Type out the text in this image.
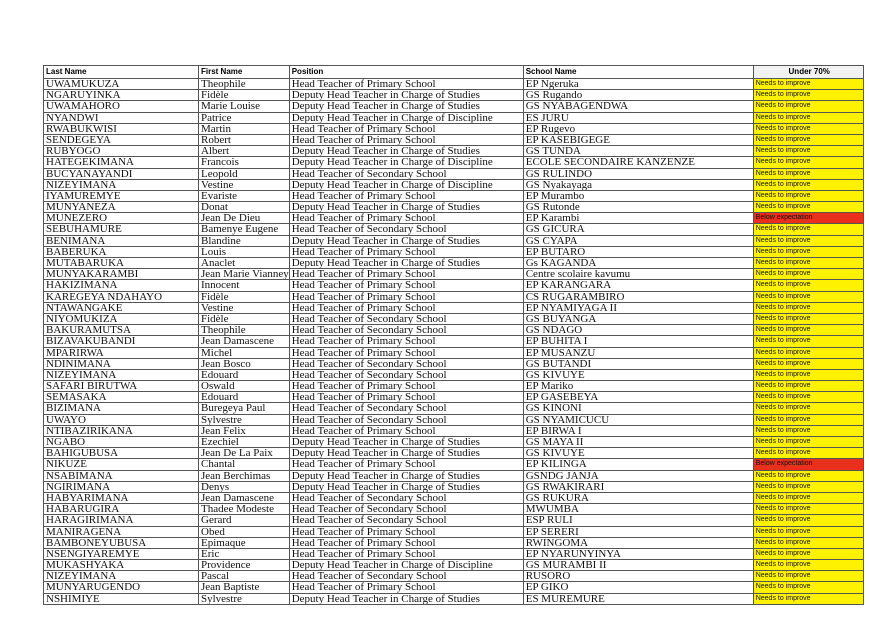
Last Name	First Name	Position	School Name	Under 70%
UWAMUKUZA	Theophile	Head Teacher of Primary School	EP Ngeruka	Needs to improve
NGARUYINKA	Fidèle	Deputy Head Teacher in Charge of Studies	GS Rugando	Needs to improve
UWAMAHORO	Marie Louise	Deputy Head Teacher in Charge of Studies	GS NYABAGENDWA	Needs to improve
NYANDWI	Patrice	Deputy Head Teacher in Charge of Discipline	ES JURU	Needs to improve
RWABUKWISI	Martin	Head Teacher of Primary School	EP Rugevo	Needs to improve
SENDEGEYA	Robert	Head Teacher of Primary School	EP KASEBIGEGE	Needs to improve
RUBYOGO	Albert	Deputy Head Teacher in Charge of Studies	GS TUNDA	Needs to improve
HATEGEKIMANA	Francois	Deputy Head Teacher in Charge of Discipline	ECOLE SECONDAIRE KANZENZE	Needs to improve
BUCYANAYANDI	Leopold	Head Teacher of Secondary School	GS RULINDO	Needs to improve
NIZEYIMANA	Vestine	Deputy Head Teacher in Charge of Discipline	GS Nyakayaga	Needs to improve
IYAMUREMYE	Evariste	Head Teacher of Primary School	EP Murambo	Needs to improve
MUNYANEZA	Donat	Deputy Head Teacher in Charge of Studies	GS Rutonde	Needs to improve
MUNEZERO	Jean De Dieu	Head Teacher of Primary School	EP Karambi	Below expectation
SEBUHAMURE	Bamenye Eugene	Head Teacher of Secondary School	GS GICURA	Needs to improve
BENIMANA	Blandine	Deputy Head Teacher in Charge of Studies	GS CYAPA	Needs to improve
BABERUKA	Louis	Head Teacher of Primary School	EP BUTARO	Needs to improve
MUTABARUKA	Anaclet	Deputy Head Teacher in Charge of Studies	Gs KAGANDA	Needs to improve
MUNYAKARAMBI	Jean Marie Vianney	Head Teacher of Primary School	Centre scolaire kavumu	Needs to improve
HAKIZIMANA	Innocent	Head Teacher of Primary School	EP KARANGARA	Needs to improve
KAREGEYA NDAHAYO	Fidèle	Head Teacher of Primary School	CS RUGARAMBIRO	Needs to improve
NTAWANGAKE	Vestine	Head Teacher of Primary School	EP NYAMIYAGA II	Needs to improve
NIYOMUKIZA	Fidèle	Head Teacher of Secondary School	GS BUYANGA	Needs to improve
BAKURAMUTSA	Theophile	Head Teacher of Secondary School	GS NDAGO	Needs to improve
BIZAVAKUBANDI	Jean Damascene	Head Teacher of Primary School	EP BUHITA I	Needs to improve
MPARIRWA	Michel	Head Teacher of Primary School	EP MUSANZU	Needs to improve
NDINIMANA	Jean Bosco	Head Teacher of Secondary School	GS BUTANDI	Needs to improve
NIZEYIMANA	Edouard	Head Teacher of Secondary School	GS KIVUYE	Needs to improve
SAFARI BIRUTWA	Oswald	Head Teacher of Primary School	EP Mariko	Needs to improve
SEMASAKA	Edouard	Head Teacher of Primary School	EP GASEBEYA	Needs to improve
BIZIMANA	Buregeya Paul	Head Teacher of Secondary School	GS KINONI	Needs to improve
UWAYO	Sylvestre	Head Teacher of Secondary School	GS NYAMICUCU	Needs to improve
NTIBAZIRIKANA	Jean Felix	Head Teacher of Primary School	EP BIRWA I	Needs to improve
NGABO	Ezechiel	Deputy Head Teacher in Charge of Studies	GS MAYA II	Needs to improve
BAHIGUBUSA	Jean De La Paix	Deputy Head Teacher in Charge of Studies	GS KIVUYE	Needs to improve
NIKUZE	Chantal	Head Teacher of Primary School	EP KILINGA	Below expectation
NSABIMANA	Jean Berchimas	Deputy Head Teacher in Charge of Studies	GSNDG JANJA	Needs to improve
NGIRIMANA	Denys	Deputy Head Teacher in Charge of Studies	GS RWAKIRARI	Needs to improve
HABYARIMANA	Jean Damascene	Head Teacher of Secondary School	GS RUKURA	Needs to improve
HABARUGIRA	Thadee Modeste	Head Teacher of Secondary School	MWUMBA	Needs to improve
HARAGIRIMANA	Gerard	Head Teacher of Secondary School	ESP RULI	Needs to improve
MANIRAGENA	Obed	Head Teacher of Primary School	EP SERERI	Needs to improve
BAMBONEYUBUSA	Epimaque	Head Teacher of Primary School	RWINGOMA	Needs to improve
NSENGIYAREMYE	Eric	Head Teacher of Primary School	EP NYARUNYINYA	Needs to improve
MUKASHYAKA	Providence	Deputy Head Teacher in Charge of Discipline	GS MURAMBI II	Needs to improve
NIZEYIMANA	Pascal	Head Teacher of Secondary School	RUSORO	Needs to improve
MUNYARUGENDO	Jean Baptiste	Head Teacher of Primary School	EP GIKO	Needs to improve
NSHIMIYE	Sylvestre	Deputy Head Teacher in Charge of Studies	ES MUREMURE	Needs to improve
